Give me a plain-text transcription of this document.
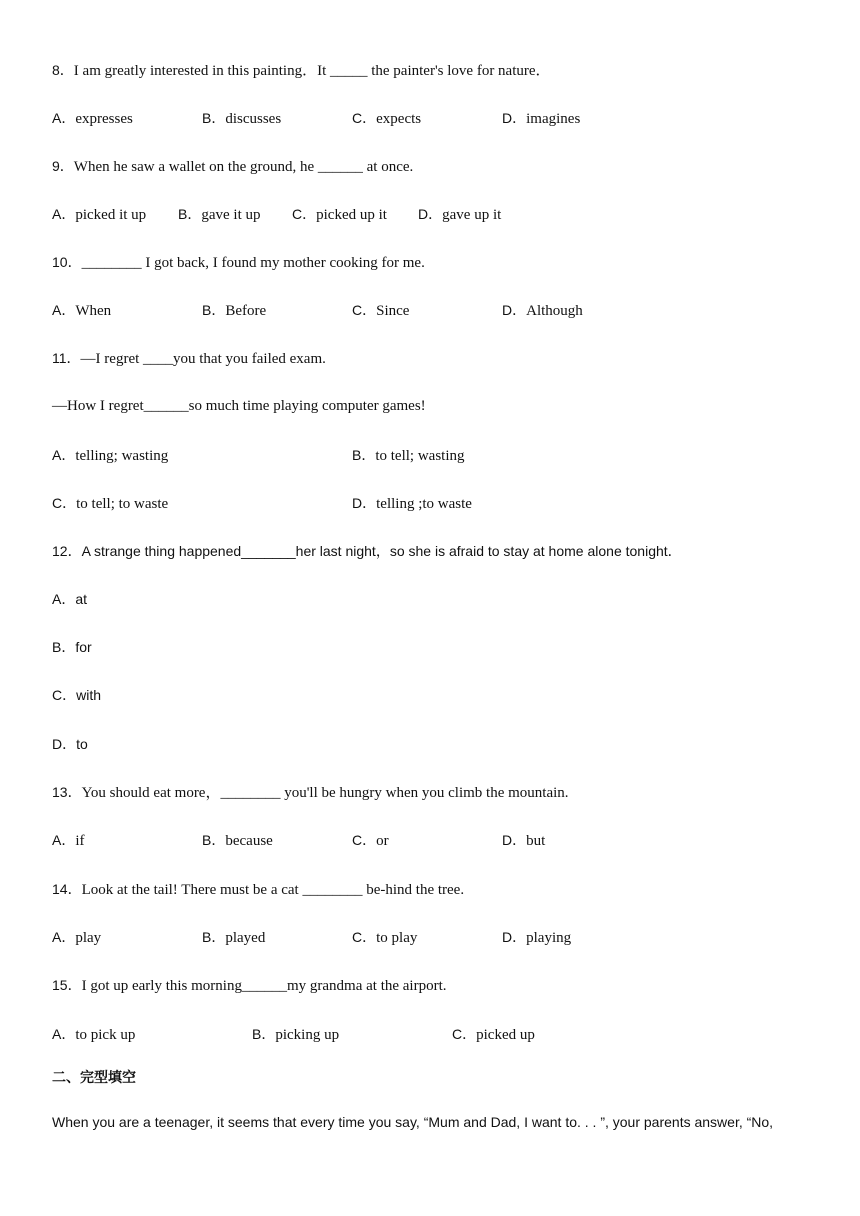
8．I am greatly interested in this painting．It _____ the painter's love for nature．
A．expresses	B．discusses	C．expects	D．imagines
9．When he saw a wallet on the ground, he ______ at once.
A．picked it up B．gave it up C．picked up it D．gave up it
10．________ I got back, I found my mother cooking for me.
A．When	B．Before	C．Since	D．Although
11．—I regret ____you that you failed exam.
—How I regret______so much time playing computer games!
A．telling; wasting	B．to tell; wasting
C．to tell; to waste	D．telling ;to waste
12．A strange thing happened_______her last night，so she is afraid to stay at home alone tonight．
A．at
B．for
C．with
D．to
13．You should eat more，________ you'll be hungry when you climb the mountain.
A．if	B．because	C．or	D．but
14．Look at the tail! There must be a cat ________ be-hind the tree.
A．play	B．played	C．to play	D．playing
15．I got up early this morning______my grandma at the airport.
A．to pick up	B．picking up	C．picked up
二、完型填空
When you are a teenager, it seems that every time you say, “Mum and Dad, I want to. . . ”, your parents answer, “No,
